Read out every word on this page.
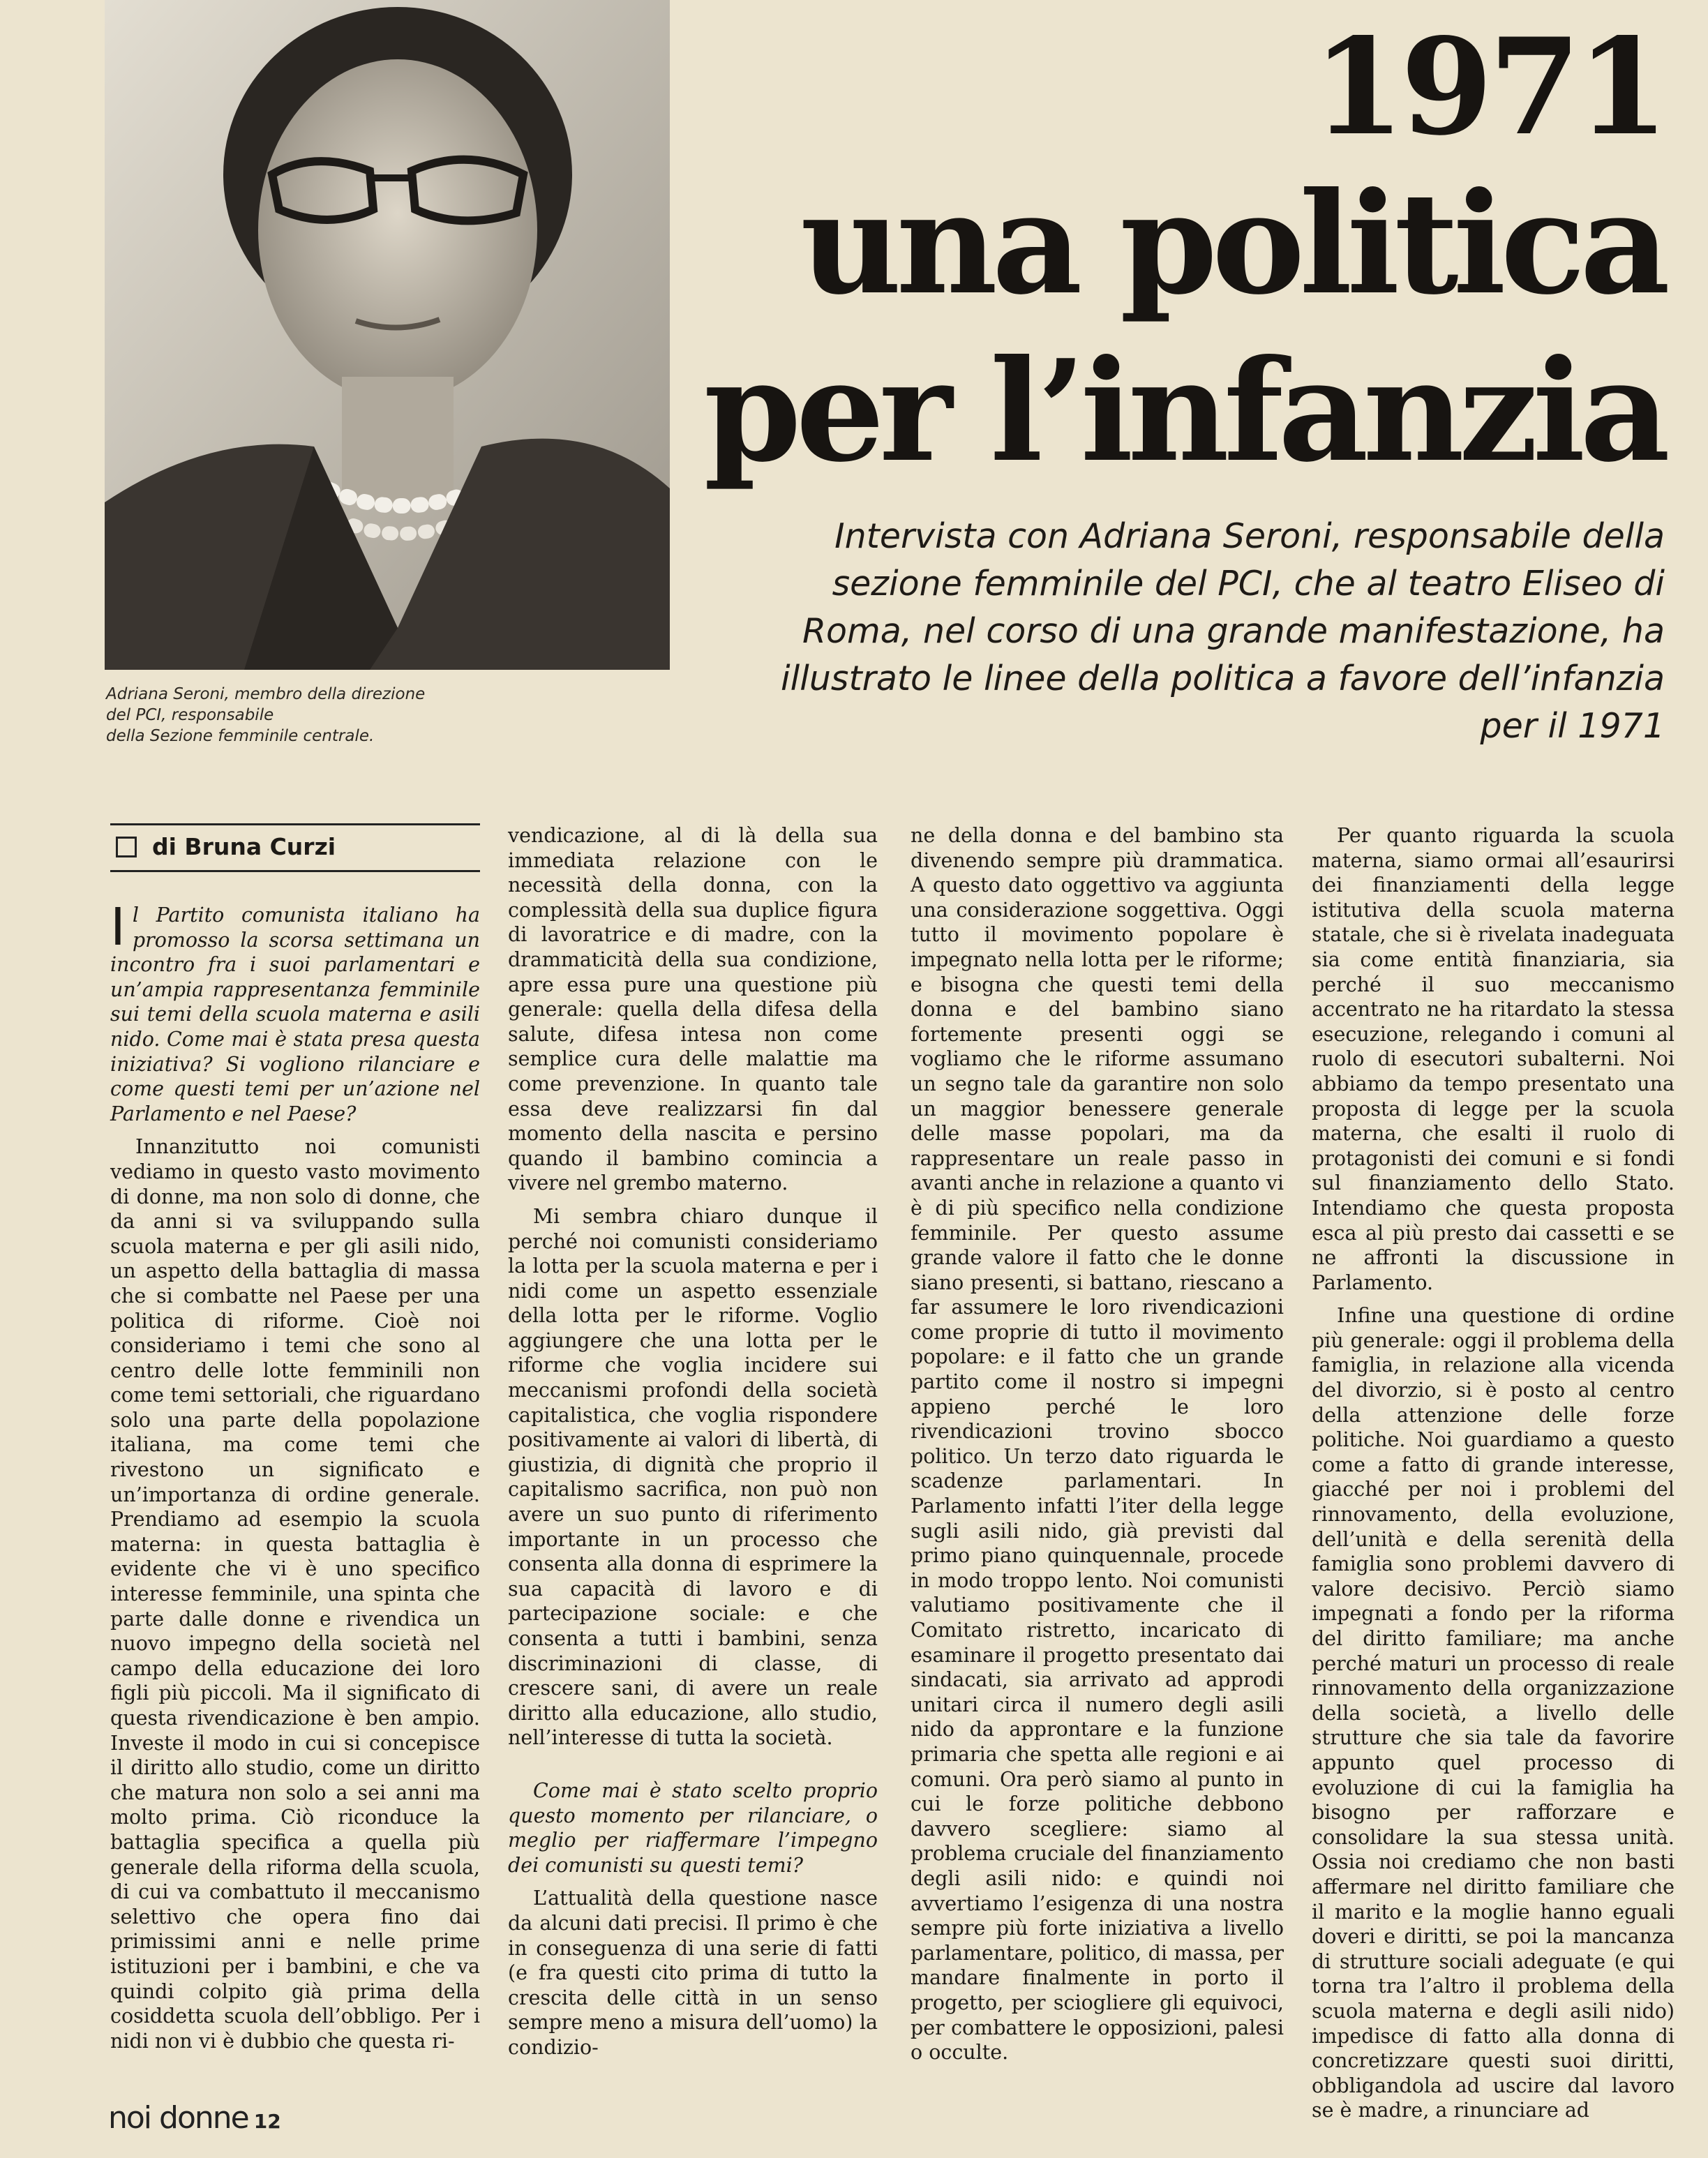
Adriana Seroni, membro della direzione
del PCI, responsabile
della Sezione femminile centrale.
1971
una politica
per l’infanzia
Intervista con Adriana Seroni, responsabile della sezione femminile del PCI, che al teatro Eliseo di Roma, nel corso di una grande manifestazione, ha illustrato le linee della politica a favore dell’infanzia per il 1971
di Bruna Curzi

Il Partito comunista italiano ha promosso la scorsa settimana un incontro fra i suoi parlamentari e un’ampia rappresentanza femminile sui temi della scuola materna e asili nido. Come mai è stata presa questa iniziativa? Si vogliono rilanciare e come questi temi per un’azione nel Parlamento e nel Paese?

Innanzitutto noi comunisti vediamo in questo vasto movimento di donne, ma non solo di donne, che da anni si va sviluppando sulla scuola materna e per gli asili nido, un aspetto della battaglia di massa che si combatte nel Paese per una politica di riforme. Cioè noi consideriamo i temi che sono al centro delle lotte femminili non come temi settoriali, che riguardano solo una parte della popolazione italiana, ma come temi che rivestono un significato e un’importanza di ordine generale. Prendiamo ad esempio la scuola materna: in questa battaglia è evidente che vi è uno specifico interesse femminile, una spinta che parte dalle donne e rivendica un nuovo impegno della società nel campo della educazione dei loro figli più piccoli. Ma il significato di questa rivendicazione è ben ampio. Investe il modo in cui si concepisce il diritto allo studio, come un diritto che matura non solo a sei anni ma molto prima. Ciò riconduce la battaglia specifica a quella più generale della riforma della scuola, di cui va combattuto il meccanismo selettivo che opera fino dai primissimi anni e nelle prime istituzioni per i bambini, e che va quindi colpito già prima della cosiddetta scuola dell’obbligo. Per i nidi non vi è dubbio che questa ri-

vendicazione, al di là della sua immediata relazione con le necessità della donna, con la complessità della sua duplice figura di lavoratrice e di madre, con la drammaticità della sua condizione, apre essa pure una questione più generale: quella della difesa della salute, difesa intesa non come semplice cura delle malattie ma come prevenzione. In quanto tale essa deve realizzarsi fin dal momento della nascita e persino quando il bambino comincia a vivere nel grembo materno.

Mi sembra chiaro dunque il perché noi comunisti consideriamo la lotta per la scuola materna e per i nidi come un aspetto essenziale della lotta per le riforme. Voglio aggiungere che una lotta per le riforme che voglia incidere sui meccanismi profondi della società capitalistica, che voglia rispondere positivamente ai valori di libertà, di giustizia, di dignità che proprio il capitalismo sacrifica, non può non avere un suo punto di riferimento importante in un processo che consenta alla donna di esprimere la sua capacità di lavoro e di partecipazione sociale: e che consenta a tutti i bambini, senza discriminazioni di classe, di crescere sani, di avere un reale diritto alla educazione, allo studio, nell’interesse di tutta la società.

Come mai è stato scelto proprio questo momento per rilanciare, o meglio per riaffermare l’impegno dei comunisti su questi temi?

L’attualità della questione nasce da alcuni dati precisi. Il primo è che in conseguenza di una serie di fatti (e fra questi cito prima di tutto la crescita delle città in un senso sempre meno a misura dell’uomo) la condizio-

ne della donna e del bambino sta divenendo sempre più drammatica. A questo dato oggettivo va aggiunta una considerazione soggettiva. Oggi tutto il movimento popolare è impegnato nella lotta per le riforme; e bisogna che questi temi della donna e del bambino siano fortemente presenti oggi se vogliamo che le riforme assumano un segno tale da garantire non solo un maggior benessere generale delle masse popolari, ma da rappresentare un reale passo in avanti anche in relazione a quanto vi è di più specifico nella condizione femminile. Per questo assume grande valore il fatto che le donne siano presenti, si battano, riescano a far assumere le loro rivendicazioni come proprie di tutto il movimento popolare: e il fatto che un grande partito come il nostro si impegni appieno perché le loro rivendicazioni trovino sbocco politico. Un terzo dato riguarda le scadenze parlamentari. In Parlamento infatti l’iter della legge sugli asili nido, già previsti dal primo piano quinquennale, procede in modo troppo lento. Noi comunisti valutiamo positivamente che il Comitato ristretto, incaricato di esaminare il progetto presentato dai sindacati, sia arrivato ad approdi unitari circa il numero degli asili nido da approntare e la funzione primaria che spetta alle regioni e ai comuni. Ora però siamo al punto in cui le forze politiche debbono davvero scegliere: siamo al problema cruciale del finanziamento degli asili nido: e quindi noi avvertiamo l’esigenza di una nostra sempre più forte iniziativa a livello parlamentare, politico, di massa, per mandare finalmente in porto il progetto, per sciogliere gli equivoci, per combattere le opposizioni, palesi o occulte.

Per quanto riguarda la scuola materna, siamo ormai all’esaurirsi dei finanziamenti della legge istitutiva della scuola materna statale, che si è rivelata inadeguata sia come entità finanziaria, sia perché il suo meccanismo accentrato ne ha ritardato la stessa esecuzione, relegando i comuni al ruolo di esecutori subalterni. Noi abbiamo da tempo presentato una proposta di legge per la scuola materna, che esalti il ruolo di protagonisti dei comuni e si fondi sul finanziamento dello Stato. Intendiamo che questa proposta esca al più presto dai cassetti e se ne affronti la discussione in Parlamento.

Infine una questione di ordine più generale: oggi il problema della famiglia, in relazione alla vicenda del divorzio, si è posto al centro della attenzione delle forze politiche. Noi guardiamo a questo come a fatto di grande interesse, giacché per noi i problemi del rinnovamento, della evoluzione, dell’unità e della serenità della famiglia sono problemi davvero di valore decisivo. Perciò siamo impegnati a fondo per la riforma del diritto familiare; ma anche perché maturi un processo di reale rinnovamento della organizzazione della società, a livello delle strutture che sia tale da favorire appunto quel processo di evoluzione di cui la famiglia ha bisogno per rafforzare e consolidare la sua stessa unità. Ossia noi crediamo che non basti affermare nel diritto familiare che il marito e la moglie hanno eguali doveri e diritti, se poi la mancanza di strutture sociali adeguate (e qui torna tra l’altro il problema della scuola materna e degli asili nido) impedisce di fatto alla donna di concretizzare questi suoi diritti, obbligandola ad uscire dal lavoro se è madre, a rinunciare ad

noi donne 12
